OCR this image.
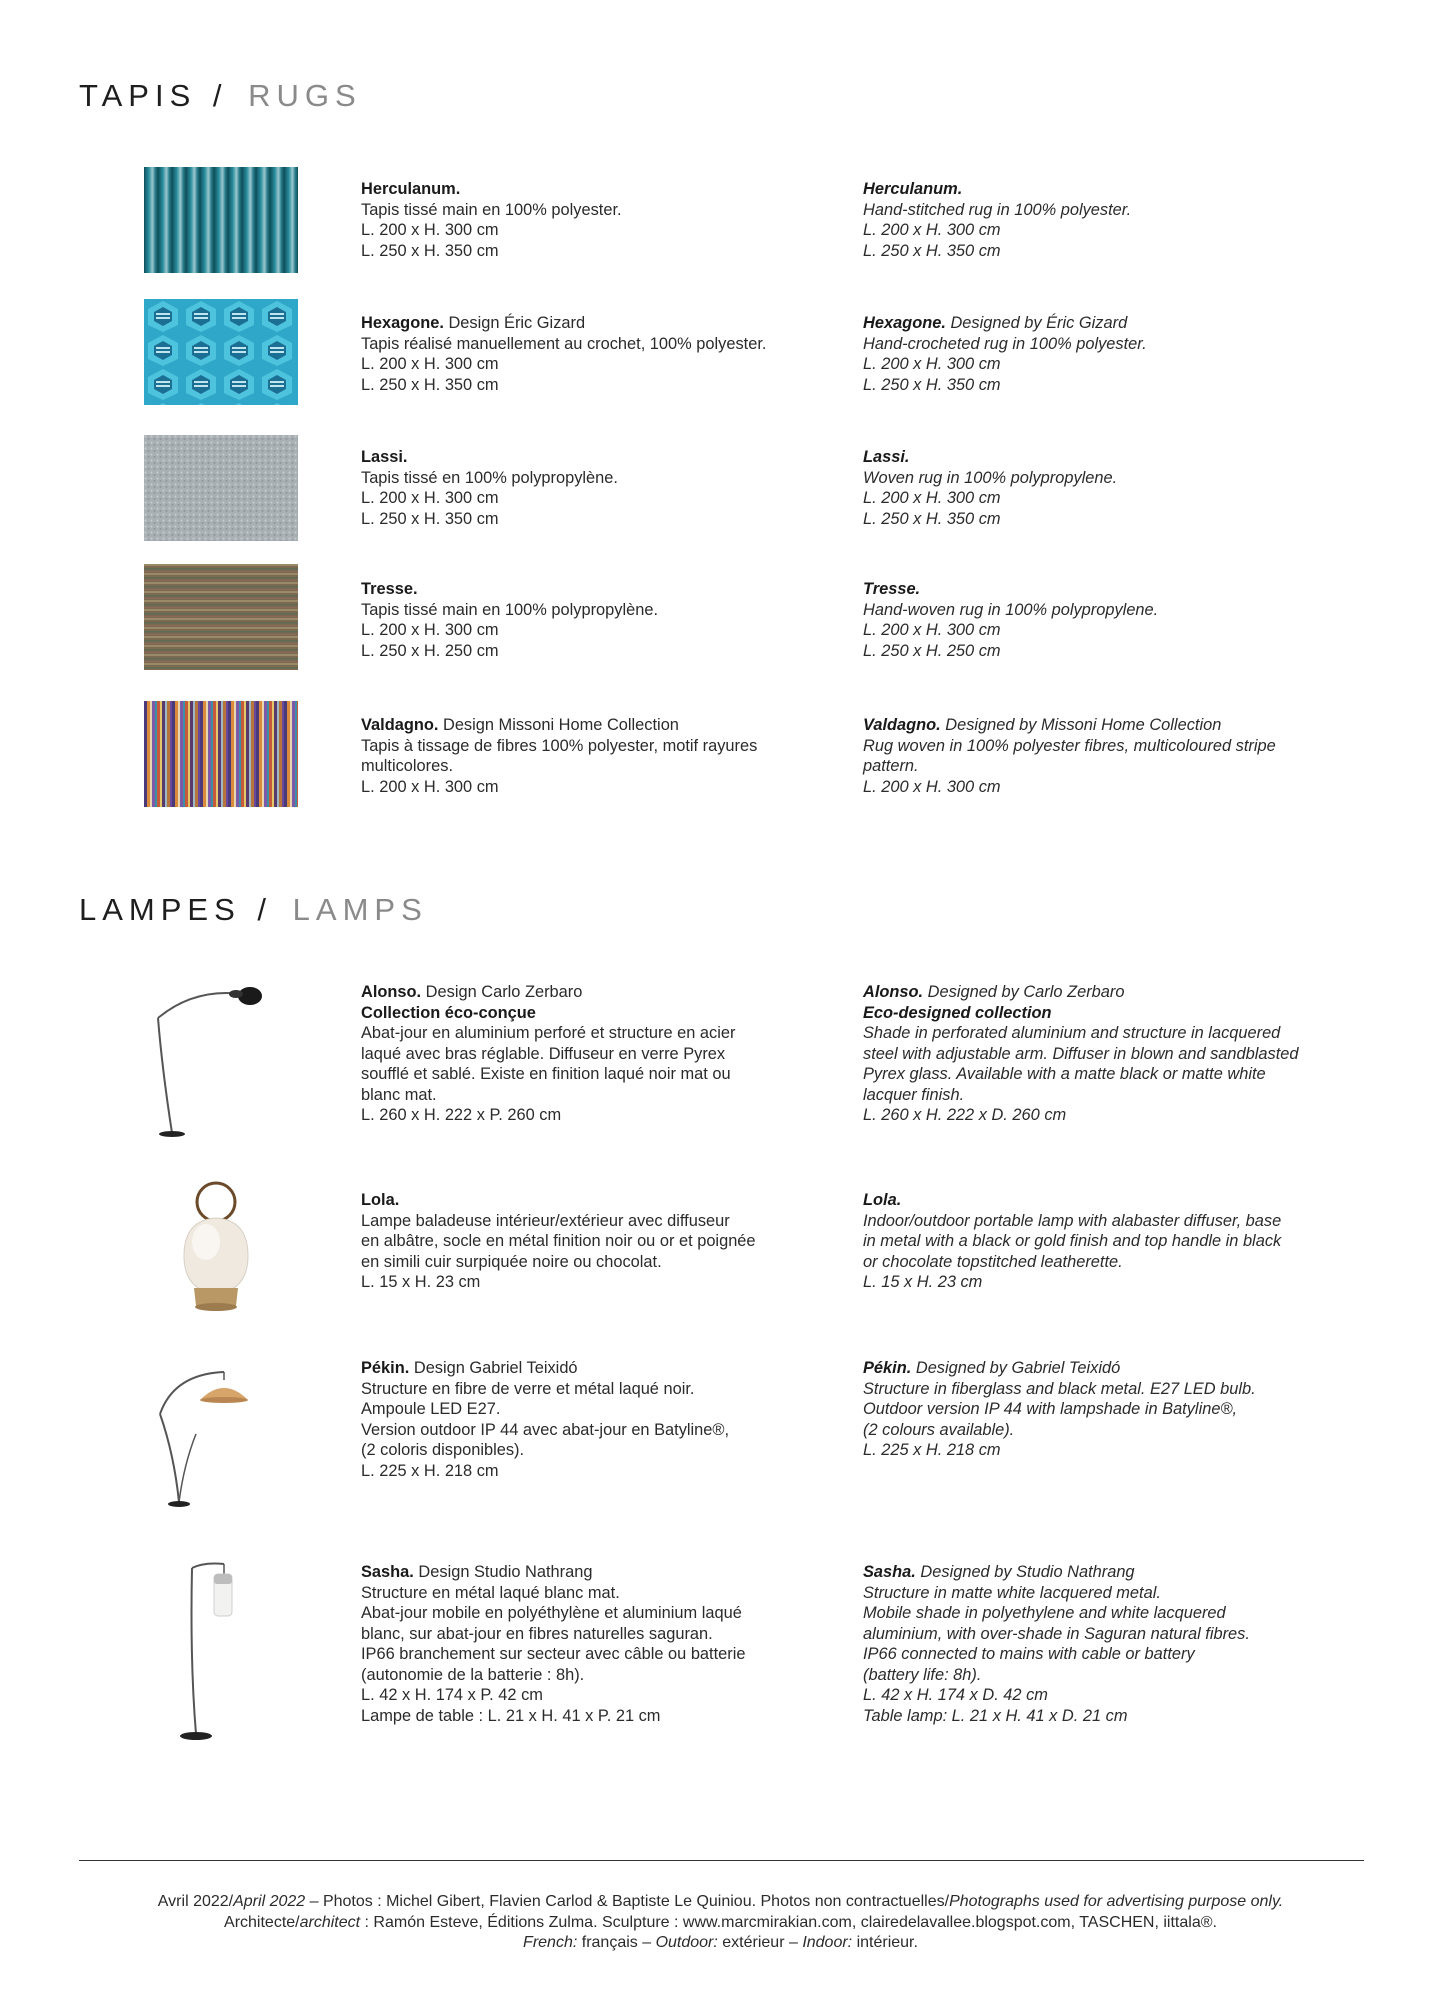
TAPIS / RUGS

Herculanum.

Tapis tissé main en 100% polyester.

L. 200 x H. 300 cm

L. 250 x H. 350 cm

Herculanum.

Hand-stitched rug in 100% polyester.

L. 200 x H. 300 cm

L. 250 x H. 350 cm

Hexagone. Design Éric Gizard

Tapis réalisé manuellement au crochet, 100% polyester.

L. 200 x H. 300 cm

L. 250 x H. 350 cm

Hexagone. Designed by Éric Gizard

Hand-crocheted rug in 100% polyester.

L. 200 x H. 300 cm

L. 250 x H. 350 cm

Lassi.

Tapis tissé en 100% polypropylène.

L. 200 x H. 300 cm

L. 250 x H. 350 cm

Lassi.

Woven rug in 100% polypropylene.

L. 200 x H. 300 cm

L. 250 x H. 350 cm

Tresse.

Tapis tissé main en 100% polypropylène.

L. 200 x H. 300 cm

L. 250 x H. 250 cm

Tresse.

Hand-woven rug in 100% polypropylene.

L. 200 x H. 300 cm

L. 250 x H. 250 cm

Valdagno. Design Missoni Home Collection

Tapis à tissage de fibres 100% polyester, motif rayures

multicolores.

L. 200 x H. 300 cm

Valdagno. Designed by Missoni Home Collection

Rug woven in 100% polyester fibres, multicoloured stripe

pattern.

L. 200 x H. 300 cm

LAMPES / LAMPS

Alonso. Design Carlo Zerbaro

Collection éco-conçue

Abat-jour en aluminium perforé et structure en acier

laqué avec bras réglable. Diffuseur en verre Pyrex

soufflé et sablé. Existe en finition laqué noir mat ou

blanc mat.

L. 260 x H. 222 x P. 260 cm

Alonso. Designed by Carlo Zerbaro

Eco-designed collection

Shade in perforated aluminium and structure in lacquered

steel with adjustable arm. Diffuser in blown and sandblasted

Pyrex glass. Available with a matte black or matte white

lacquer finish.

L. 260 x H. 222 x D. 260 cm

Lola.

Lampe baladeuse intérieur/extérieur avec diffuseur

en albâtre, socle en métal finition noir ou or et poignée

en simili cuir surpiquée noire ou chocolat.

L. 15 x H. 23 cm

Lola.

Indoor/outdoor portable lamp with alabaster diffuser, base

in metal with a black or gold finish and top handle in black

or chocolate topstitched leatherette.

L. 15 x H. 23 cm

Pékin. Design Gabriel Teixidó

Structure en fibre de verre et métal laqué noir.

Ampoule LED E27.

Version outdoor IP 44 avec abat-jour en Batyline®,

(2 coloris disponibles).

L. 225 x H. 218 cm

Pékin. Designed by Gabriel Teixidó

Structure in fiberglass and black metal. E27 LED bulb.

Outdoor version IP 44 with lampshade in Batyline®,

(2 colours available).

L. 225 x H. 218 cm

Sasha. Design Studio Nathrang

Structure en métal laqué blanc mat.

Abat-jour mobile en polyéthylène et aluminium laqué

blanc, sur abat-jour en fibres naturelles saguran.

IP66 branchement sur secteur avec câble ou batterie

(autonomie de la batterie : 8h).

L. 42 x H. 174 x P. 42 cm

Lampe de table : L. 21 x H. 41 x P. 21 cm

Sasha. Designed by Studio Nathrang

Structure in matte white lacquered metal.

Mobile shade in polyethylene and white lacquered

aluminium, with over-shade in Saguran natural fibres.

IP66 connected to mains with cable or battery

(battery life: 8h).

L. 42 x H. 174 x D. 42 cm

Table lamp: L. 21 x H. 41 x D. 21 cm

Avril 2022/April 2022 – Photos : Michel Gibert, Flavien Carlod & Baptiste Le Quiniou. Photos non contractuelles/Photographs used for advertising purpose only.

Architecte/architect : Ramón Esteve, Éditions Zulma. Sculpture : www.marcmirakian.com, clairedelavallee.blogspot.com, TASCHEN, iittala®.

French: français – Outdoor: extérieur – Indoor: intérieur.
